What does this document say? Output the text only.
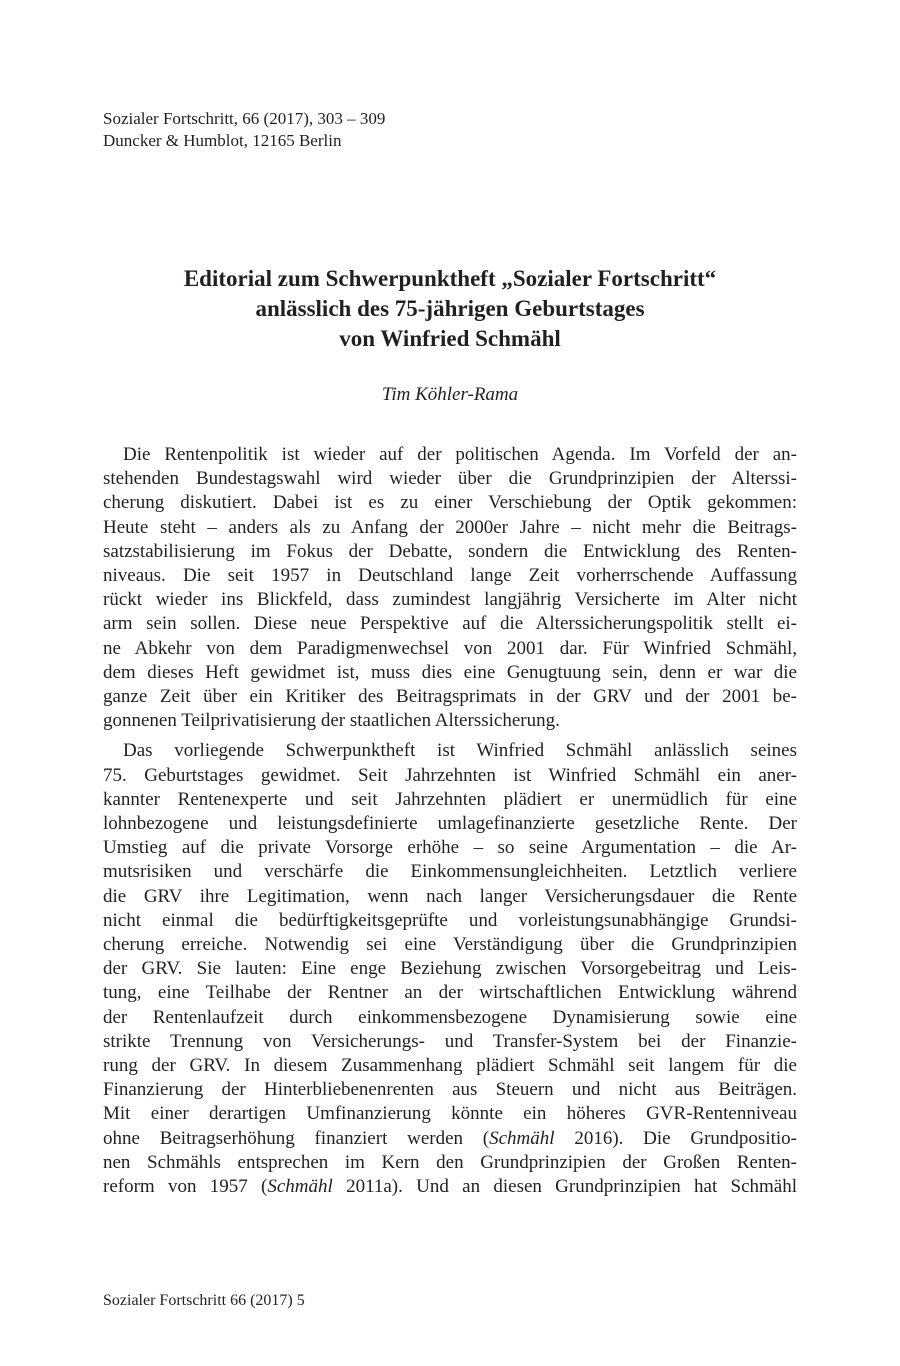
Sozialer Fortschritt, 66 (2017), 303 – 309
Duncker & Humblot, 12165 Berlin
Editorial zum Schwerpunktheft „Sozialer Fortschritt“
anlässlich des 75-jährigen Geburtstages
von Winfried Schmähl
Tim Köhler-Rama
Die Rentenpolitik ist wieder auf der politischen Agenda. Im Vorfeld der an-
stehenden Bundestagswahl wird wieder über die Grundprinzipien der Alterssi-
cherung diskutiert. Dabei ist es zu einer Verschiebung der Optik gekommen:
Heute steht – anders als zu Anfang der 2000er Jahre – nicht mehr die Beitrags-
satzstabilisierung im Fokus der Debatte, sondern die Entwicklung des Renten-
niveaus. Die seit 1957 in Deutschland lange Zeit vorherrschende Auffassung
rückt wieder ins Blickfeld, dass zumindest langjährig Versicherte im Alter nicht
arm sein sollen. Diese neue Perspektive auf die Alterssicherungspolitik stellt ei-
ne Abkehr von dem Paradigmenwechsel von 2001 dar. Für Winfried Schmähl,
dem dieses Heft gewidmet ist, muss dies eine Genugtuung sein, denn er war die
ganze Zeit über ein Kritiker des Beitragsprimats in der GRV und der 2001 be-
gonnenen Teilprivatisierung der staatlichen Alterssicherung.
Das vorliegende Schwerpunktheft ist Winfried Schmähl anlässlich seines
75. Geburtstages gewidmet. Seit Jahrzehnten ist Winfried Schmähl ein aner-
kannter Rentenexperte und seit Jahrzehnten plädiert er unermüdlich für eine
lohnbezogene und leistungsdefinierte umlagefinanzierte gesetzliche Rente. Der
Umstieg auf die private Vorsorge erhöhe – so seine Argumentation – die Ar-
mutsrisiken und verschärfe die Einkommensungleichheiten. Letztlich verliere
die GRV ihre Legitimation, wenn nach langer Versicherungsdauer die Rente
nicht einmal die bedürftigkeitsgeprüfte und vorleistungsunabhängige Grundsi-
cherung erreiche. Notwendig sei eine Verständigung über die Grundprinzipien
der GRV. Sie lauten: Eine enge Beziehung zwischen Vorsorgebeitrag und Leis-
tung, eine Teilhabe der Rentner an der wirtschaftlichen Entwicklung während
der Rentenlaufzeit durch einkommensbezogene Dynamisierung sowie eine
strikte Trennung von Versicherungs- und Transfer-System bei der Finanzie-
rung der GRV. In diesem Zusammenhang plädiert Schmähl seit langem für die
Finanzierung der Hinterbliebenenrenten aus Steuern und nicht aus Beiträgen.
Mit einer derartigen Umfinanzierung könnte ein höheres GVR-Rentenniveau
ohne Beitragserhöhung finanziert werden (Schmähl 2016). Die Grundpositio-
nen Schmähls entsprechen im Kern den Grundprinzipien der Großen Renten-
reform von 1957 (Schmähl 2011a). Und an diesen Grundprinzipien hat Schmähl
Sozialer Fortschritt 66 (2017) 5
